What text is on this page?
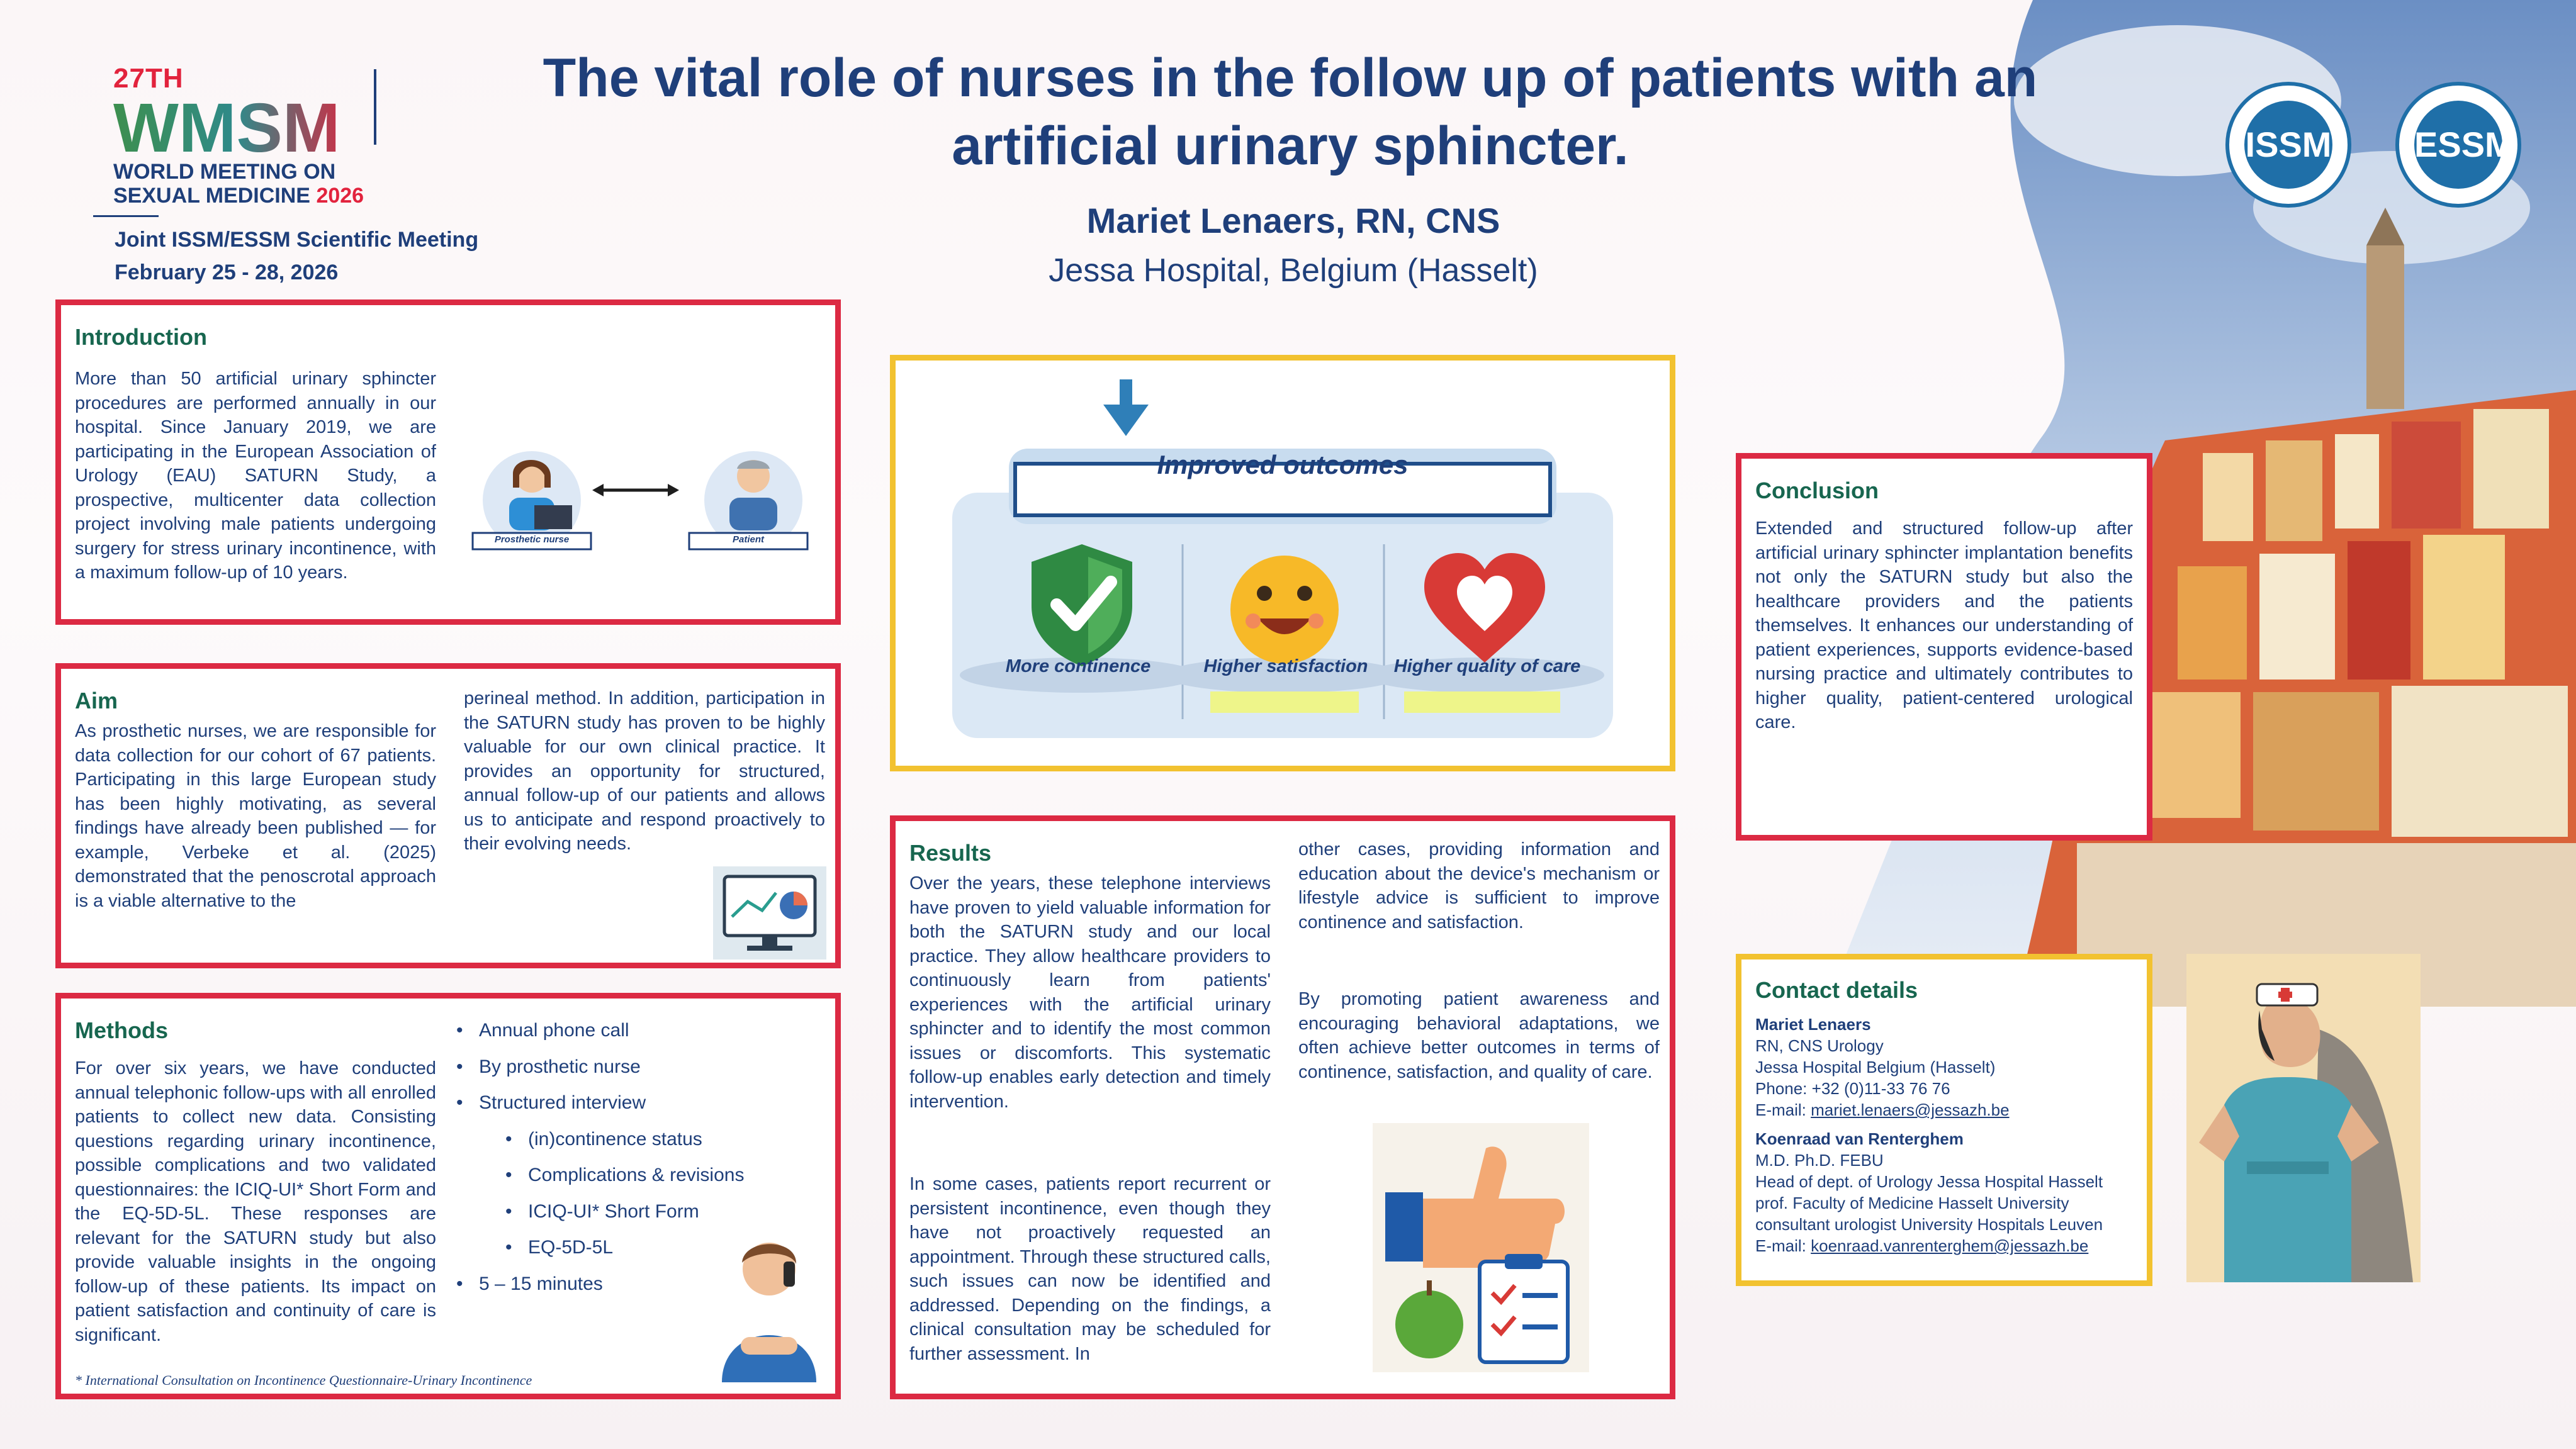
27TH
WMSM
WORLD MEETING ON
SEXUAL MEDICINE 2026
Joint ISSM/ESSM Scientific Meeting
February 25 - 28, 2026
The vital role of nurses in the follow up of patients with an artificial urinary sphincter.
Mariet Lenaers, RN, CNS
Jessa Hospital, Belgium (Hasselt)
ISSM ESSM
Introduction
More than 50 artificial urinary sphincter procedures are performed annually in our hospital. Since January 2019, we are participating in the European Association of Urology (EAU) SATURN Study, a prospective, multicenter data collection project involving male patients undergoing surgery for stress urinary incontinence, with a maximum follow-up of 10 years.
Prosthetic nurse	Patient
Aim
As prosthetic nurses, we are responsible for data collection for our cohort of 67 patients. Participating in this large European study has been highly motivating, as several findings have already been published — for example, Verbeke et al. (2025) demonstrated that the penoscrotal approach is a viable alternative to the
perineal method. In addition, participation in the SATURN study has proven to be highly valuable for our own clinical practice. It provides an opportunity for structured, annual follow-up of our patients and allows us to anticipate and respond proactively to their evolving needs.
Methods
For over six years, we have conducted annual telephonic follow-ups with all enrolled patients to collect new data. Consisting questions regarding urinary incontinence, possible complications and two validated questionnaires: the ICIQ-UI* Short Form and the EQ-5D-5L. These responses are relevant for the SATURN study but also provide valuable insights in the ongoing follow-up of these patients. Its impact on patient satisfaction and continuity of care is significant.
* International Consultation on Incontinence Questionnaire-Urinary Incontinence
• Annual phone call
• By prosthetic nurse
• Structured interview
• (in)continence status
• Complications & revisions
• ICIQ-UI* Short Form
• EQ-5D-5L
• 5 – 15 minutes
Improved outcomes
More continence	Higher satisfaction	Higher quality of care
Results
Over the years, these telephone interviews have proven to yield valuable information for both the SATURN study and our local practice. They allow healthcare providers to continuously learn from patients' experiences with the artificial urinary sphincter and to identify the most common issues or discomforts. This systematic follow-up enables early detection and timely intervention.
In some cases, patients report recurrent or persistent incontinence, even though they have not proactively requested an appointment. Through these structured calls, such issues can now be identified and addressed. Depending on the findings, a clinical consultation may be scheduled for further assessment. In
other cases, providing information and education about the device's mechanism or lifestyle advice is sufficient to improve continence and satisfaction.
By promoting patient awareness and encouraging behavioral adaptations, we often achieve better outcomes in terms of continence, satisfaction, and quality of care.
Conclusion
Extended and structured follow-up after artificial urinary sphincter implantation benefits not only the SATURN study but also the healthcare providers and the patients themselves. It enhances our understanding of patient experiences, supports evidence-based nursing practice and ultimately contributes to higher quality, patient-centered urological care.
Contact details
Mariet Lenaers
RN, CNS Urology
Jessa Hospital Belgium (Hasselt)
Phone: +32 (0)11-33 76 76
E-mail: mariet.lenaers@jessazh.be
Koenraad van Renterghem
M.D. Ph.D. FEBU
Head of dept. of Urology Jessa Hospital Hasselt
prof. Faculty of Medicine Hasselt University
consultant urologist University Hospitals Leuven
E-mail: koenraad.vanrenterghem@jessazh.be
